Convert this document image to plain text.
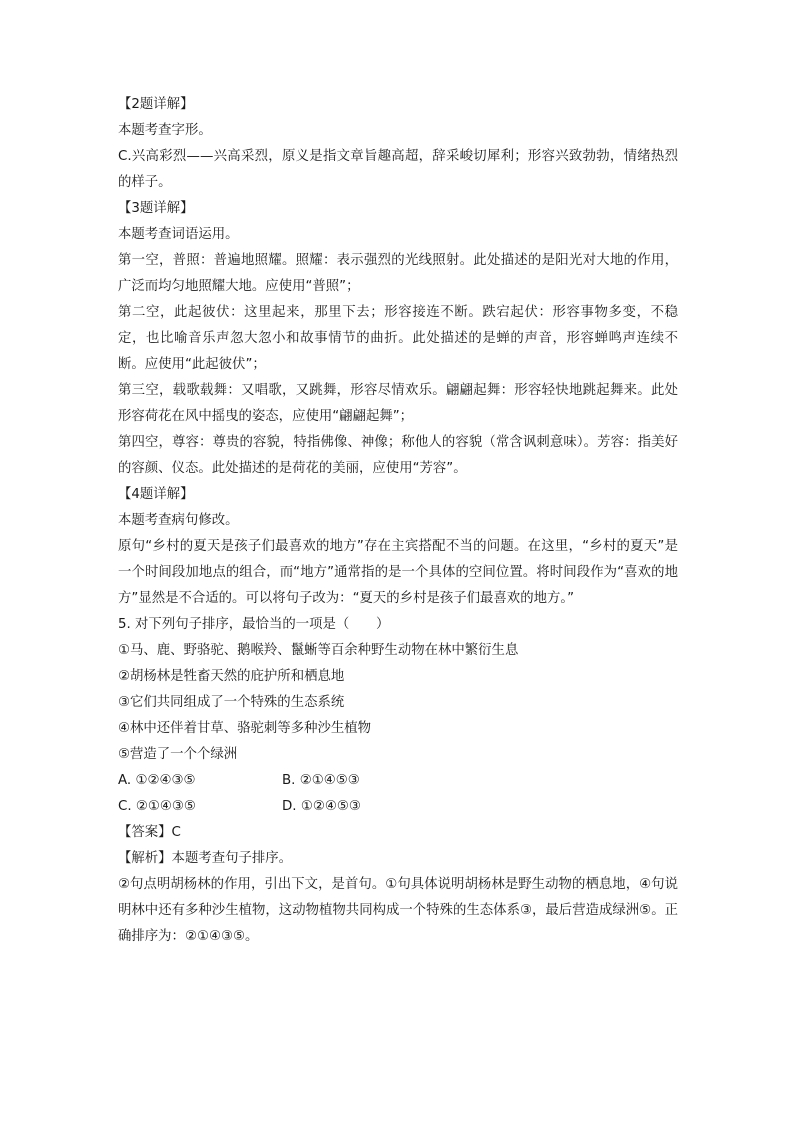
【2题详解】

本题考查字形。

C.兴高彩烈——兴高采烈，原义是指文章旨趣高超，辞采峻切犀利；形容兴致勃勃，情绪热烈的样子。

【3题详解】

本题考查词语运用。

第一空，普照：普遍地照耀。照耀：表示强烈的光线照射。此处描述的是阳光对大地的作用，广泛而均匀地照耀大地。应使用“普照”；

第二空，此起彼伏：这里起来，那里下去；形容接连不断。跌宕起伏：形容事物多变，不稳定，也比喻音乐声忽大忽小和故事情节的曲折。此处描述的是蝉的声音，形容蝉鸣声连续不断。应使用“此起彼伏”；

第三空，载歌载舞：又唱歌，又跳舞，形容尽情欢乐。翩翩起舞：形容轻快地跳起舞来。此处形容荷花在风中摇曳的姿态，应使用“翩翩起舞”；

第四空，尊容：尊贵的容貌，特指佛像、神像；称他人的容貌（常含讽刺意味）。芳容：指美好的容颜、仪态。此处描述的是荷花的美丽，应使用“芳容”。

【4题详解】

本题考查病句修改。

原句“乡村的夏天是孩子们最喜欢的地方”存在主宾搭配不当的问题。在这里，“乡村的夏天”是一个时间段加地点的组合，而“地方”通常指的是一个具体的空间位置。将时间段作为“喜欢的地方”显然是不合适的。可以将句子改为：“夏天的乡村是孩子们最喜欢的地方。”

5. 对下列句子排序，最恰当的一项是（　　）

①马、鹿、野骆驼、鹅喉羚、鬣蜥等百余种野生动物在林中繁衍生息

②胡杨林是牲畜天然的庇护所和栖息地

③它们共同组成了一个特殊的生态系统

④林中还伴着甘草、骆驼刺等多种沙生植物

⑤营造了一个个绿洲

A. ①②④③⑤	B. ②①④⑤③
C. ②①④③⑤	D. ①②④⑤③

【答案】C

【解析】本题考查句子排序。

②句点明胡杨林的作用，引出下文，是首句。①句具体说明胡杨林是野生动物的栖息地，④句说明林中还有多种沙生植物，这动物植物共同构成一个特殊的生态体系③，最后营造成绿洲⑤。正确排序为：②①④③⑤。
